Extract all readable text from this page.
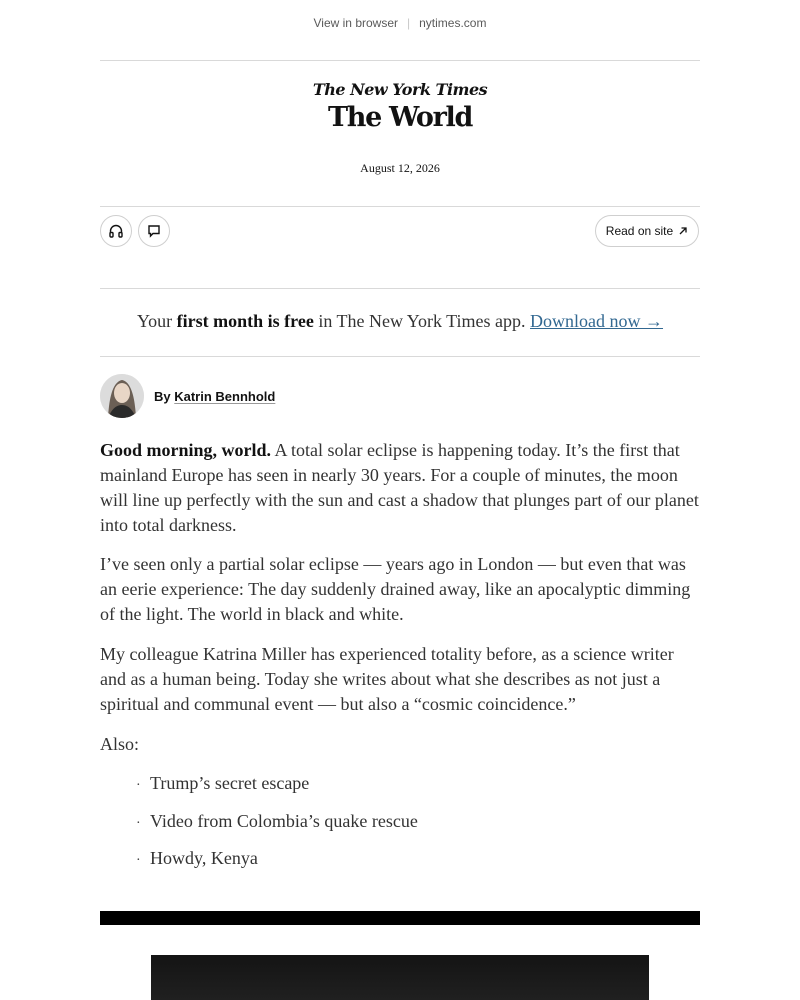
View in browser | nytimes.com
The New York Times
The World
August 12, 2026
Read on site
Your first month is free in The New York Times app. Download now →
By Katrin Bennhold

Good morning, world. A total solar eclipse is happening today. It’s the first that mainland Europe has seen in nearly 30 years. For a couple of minutes, the moon will line up perfectly with the sun and cast a shadow that plunges part of our planet into total darkness.

I’ve seen only a partial solar eclipse — years ago in London — but even that was an eerie experience: The day suddenly drained away, like an apocalyptic dimming of the light. The world in black and white.

My colleague Katrina Miller has experienced totality before, as a science writer and as a human being. Today she writes about what she describes as not just a spiritual and communal event — but also a “cosmic coincidence.”

Also:

· Trump’s secret escape
· Video from Colombia’s quake rescue
· Howdy, Kenya
